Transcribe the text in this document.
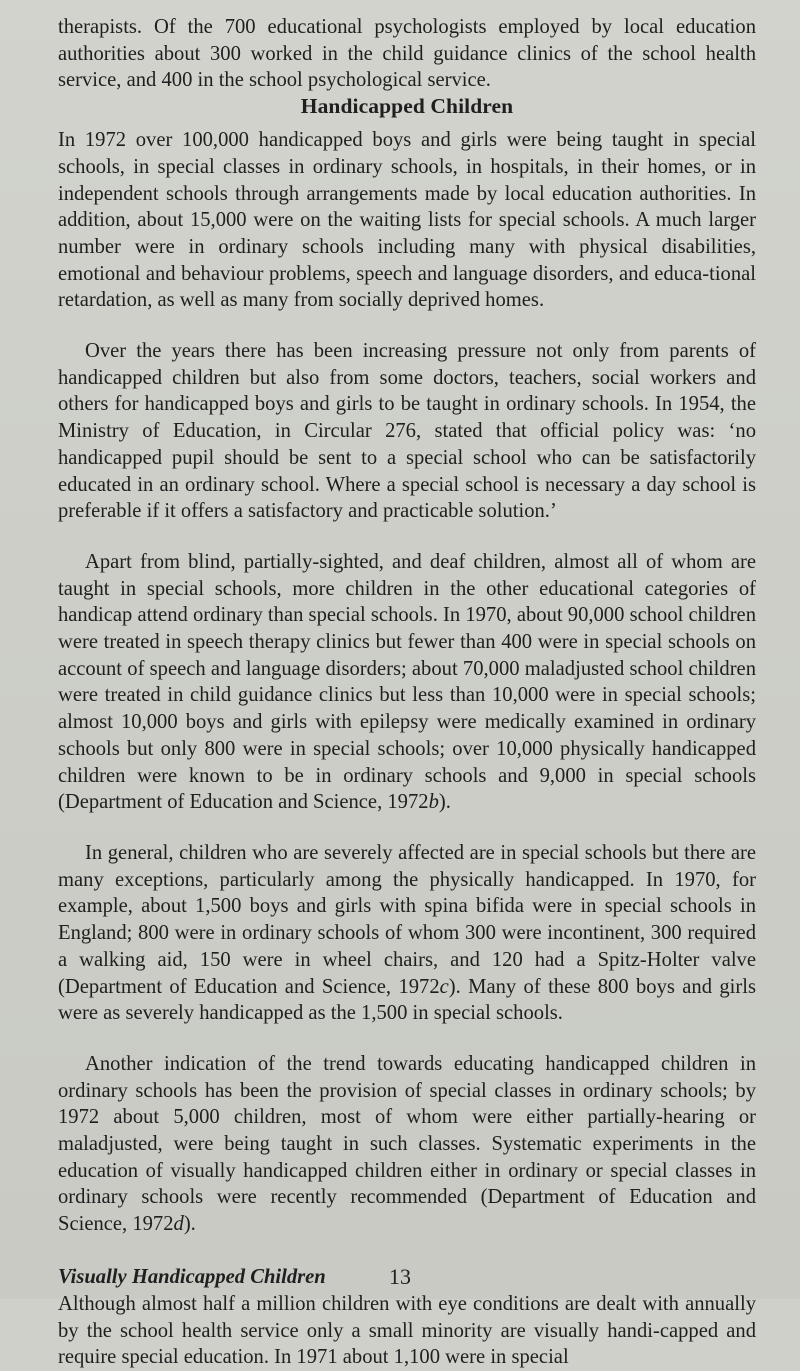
therapists. Of the 700 educational psychologists employed by local education authorities about 300 worked in the child guidance clinics of the school health service, and 400 in the school psychological service.

Handicapped Children

In 1972 over 100,000 handicapped boys and girls were being taught in special schools, in special classes in ordinary schools, in hospitals, in their homes, or in independent schools through arrangements made by local education authorities. In addition, about 15,000 were on the waiting lists for special schools. A much larger number were in ordinary schools including many with physical disabilities, emotional and behaviour problems, speech and language disorders, and educa-tional retardation, as well as many from socially deprived homes.

Over the years there has been increasing pressure not only from parents of handicapped children but also from some doctors, teachers, social workers and others for handicapped boys and girls to be taught in ordinary schools. In 1954, the Ministry of Education, in Circular 276, stated that official policy was: ‘no handicapped pupil should be sent to a special school who can be satisfactorily educated in an ordinary school. Where a special school is necessary a day school is preferable if it offers a satisfactory and practicable solution.’

Apart from blind, partially-sighted, and deaf children, almost all of whom are taught in special schools, more children in the other educational categories of handicap attend ordinary than special schools. In 1970, about 90,000 school children were treated in speech therapy clinics but fewer than 400 were in special schools on account of speech and language disorders; about 70,000 maladjusted school children were treated in child guidance clinics but less than 10,000 were in special schools; almost 10,000 boys and girls with epilepsy were medically examined in ordinary schools but only 800 were in special schools; over 10,000 physically handicapped children were known to be in ordinary schools and 9,000 in special schools (Department of Education and Science, 1972b).

In general, children who are severely affected are in special schools but there are many exceptions, particularly among the physically handicapped. In 1970, for example, about 1,500 boys and girls with spina bifida were in special schools in England; 800 were in ordinary schools of whom 300 were incontinent, 300 required a walking aid, 150 were in wheel chairs, and 120 had a Spitz-Holter valve (Department of Education and Science, 1972c). Many of these 800 boys and girls were as severely handicapped as the 1,500 in special schools.

Another indication of the trend towards educating handicapped children in ordinary schools has been the provision of special classes in ordinary schools; by 1972 about 5,000 children, most of whom were either partially-hearing or maladjusted, were being taught in such classes. Systematic experiments in the education of visually handicapped children either in ordinary or special classes in ordinary schools were recently recommended (Department of Education and Science, 1972d).

Visually Handicapped Children

Although almost half a million children with eye conditions are dealt with annually by the school health service only a small minority are visually handi-capped and require special education. In 1971 about 1,100 were in special

13
